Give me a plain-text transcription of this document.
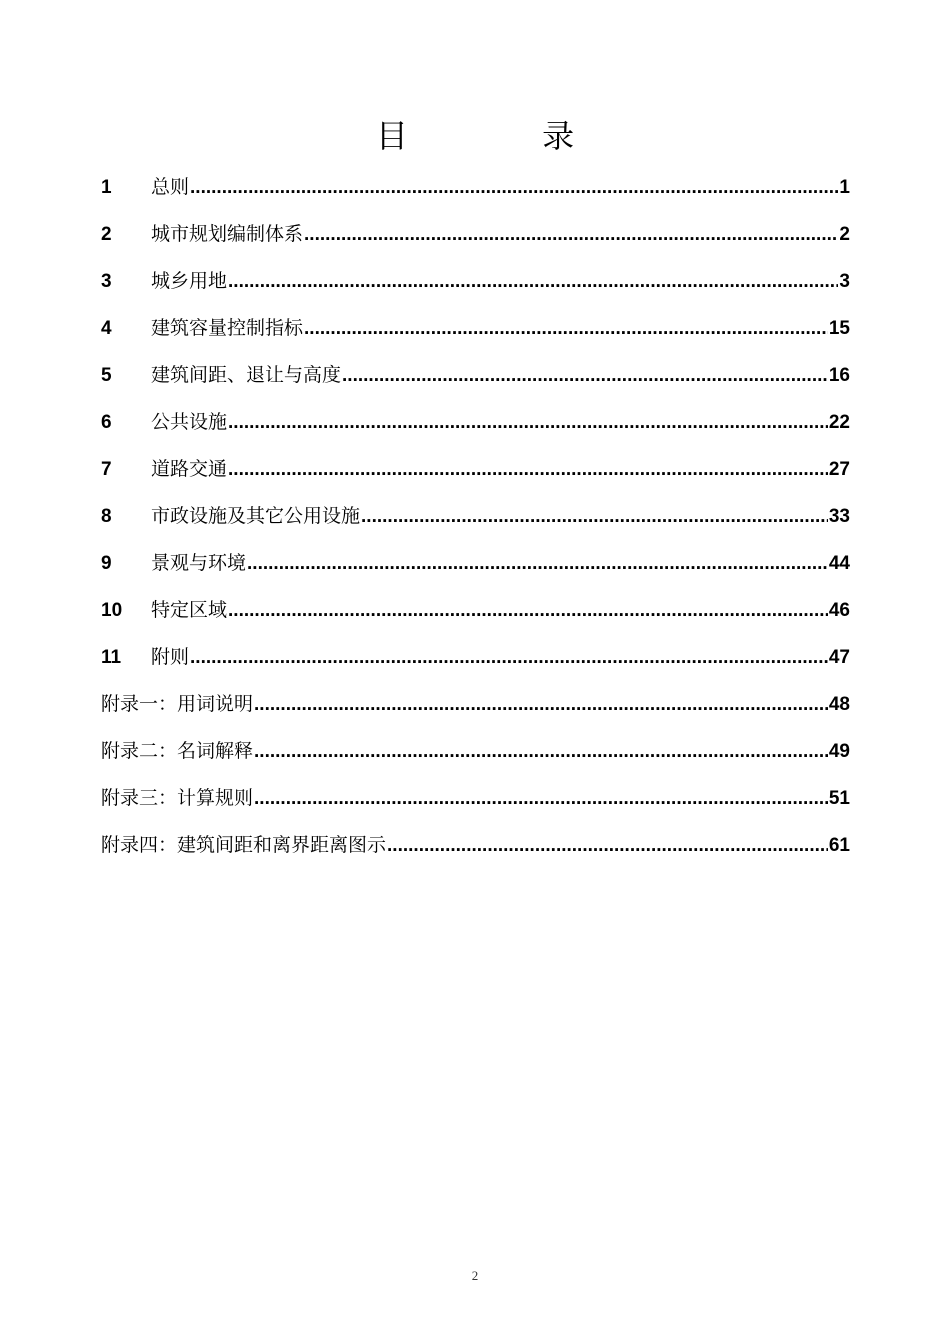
目 录
1	总则 .....	1
2	城市规划编制体系 .....	2
3	城乡用地 .....	3
4	建筑容量控制指标 .....	15
5	建筑间距、退让与高度 .....	16
6	公共设施 .....	22
7	道路交通 .....	27
8	市政设施及其它公用设施 .....	33
9	景观与环境 .....	44
10	特定区域 .....	46
11	附则 .....	47
附录一：用词说明 .....	48
附录二：名词解释 .....	49
附录三：计算规则 .....	51
附录四：建筑间距和离界距离图示 .....	61
2
